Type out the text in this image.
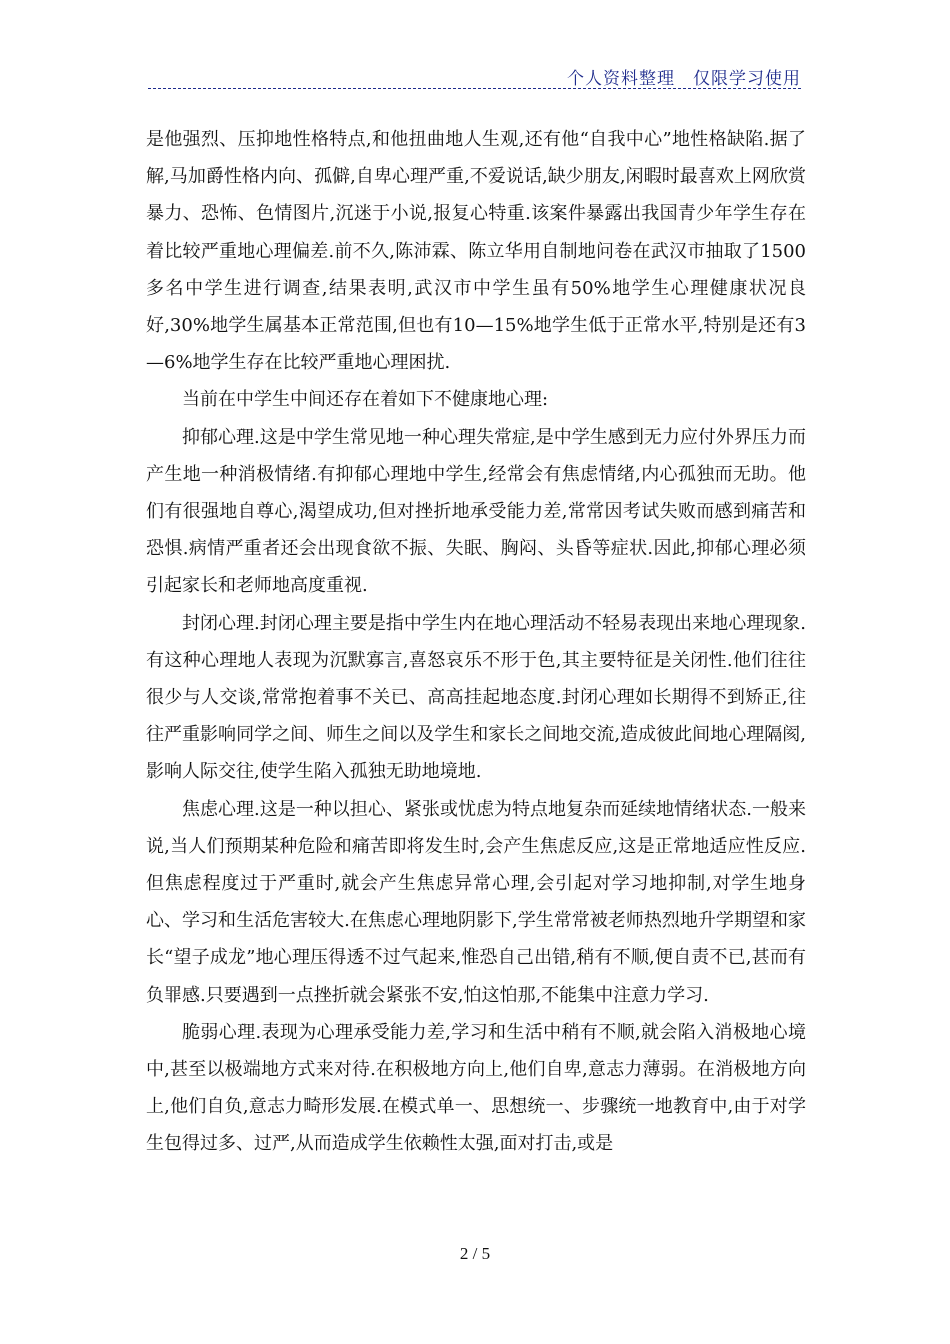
个人资料整理　仅限学习使用

是他强烈、压抑地性格特点,和他扭曲地人生观,还有他“自我中心”地性格缺陷.据了解,马加爵性格内向、孤僻,自卑心理严重,不爱说话,缺少朋友,闲暇时最喜欢上网欣赏暴力、恐怖、色情图片,沉迷于小说,报复心特重.该案件暴露出我国青少年学生存在着比较严重地心理偏差.前不久,陈沛霖、陈立华用自制地问卷在武汉市抽取了1500多名中学生进行调查,结果表明,武汉市中学生虽有50%地学生心理健康状况良好,30%地学生属基本正常范围,但也有10—15%地学生低于正常水平,特别是还有3—6%地学生存在比较严重地心理困扰.

当前在中学生中间还存在着如下不健康地心理:

抑郁心理.这是中学生常见地一种心理失常症,是中学生感到无力应付外界压力而产生地一种消极情绪.有抑郁心理地中学生,经常会有焦虑情绪,内心孤独而无助。他们有很强地自尊心,渴望成功,但对挫折地承受能力差,常常因考试失败而感到痛苦和恐惧.病情严重者还会出现食欲不振、失眠、胸闷、头昏等症状.因此,抑郁心理必须引起家长和老师地高度重视.

封闭心理.封闭心理主要是指中学生内在地心理活动不轻易表现出来地心理现象.有这种心理地人表现为沉默寡言,喜怒哀乐不形于色,其主要特征是关闭性.他们往往很少与人交谈,常常抱着事不关已、高高挂起地态度.封闭心理如长期得不到矫正,往往严重影响同学之间、师生之间以及学生和家长之间地交流,造成彼此间地心理隔阂,影响人际交往,使学生陷入孤独无助地境地.

焦虑心理.这是一种以担心、紧张或忧虑为特点地复杂而延续地情绪状态.一般来说,当人们预期某种危险和痛苦即将发生时,会产生焦虑反应,这是正常地适应性反应.但焦虑程度过于严重时,就会产生焦虑异常心理,会引起对学习地抑制,对学生地身心、学习和生活危害较大.在焦虑心理地阴影下,学生常常被老师热烈地升学期望和家长“望子成龙”地心理压得透不过气起来,惟恐自己出错,稍有不顺,便自责不已,甚而有负罪感.只要遇到一点挫折就会紧张不安,怕这怕那,不能集中注意力学习.

脆弱心理.表现为心理承受能力差,学习和生活中稍有不顺,就会陷入消极地心境中,甚至以极端地方式来对待.在积极地方向上,他们自卑,意志力薄弱。在消极地方向上,他们自负,意志力畸形发展.在模式单一、思想统一、步骤统一地教育中,由于对学生包得过多、过严,从而造成学生依赖性太强,面对打击,或是

2 / 5
